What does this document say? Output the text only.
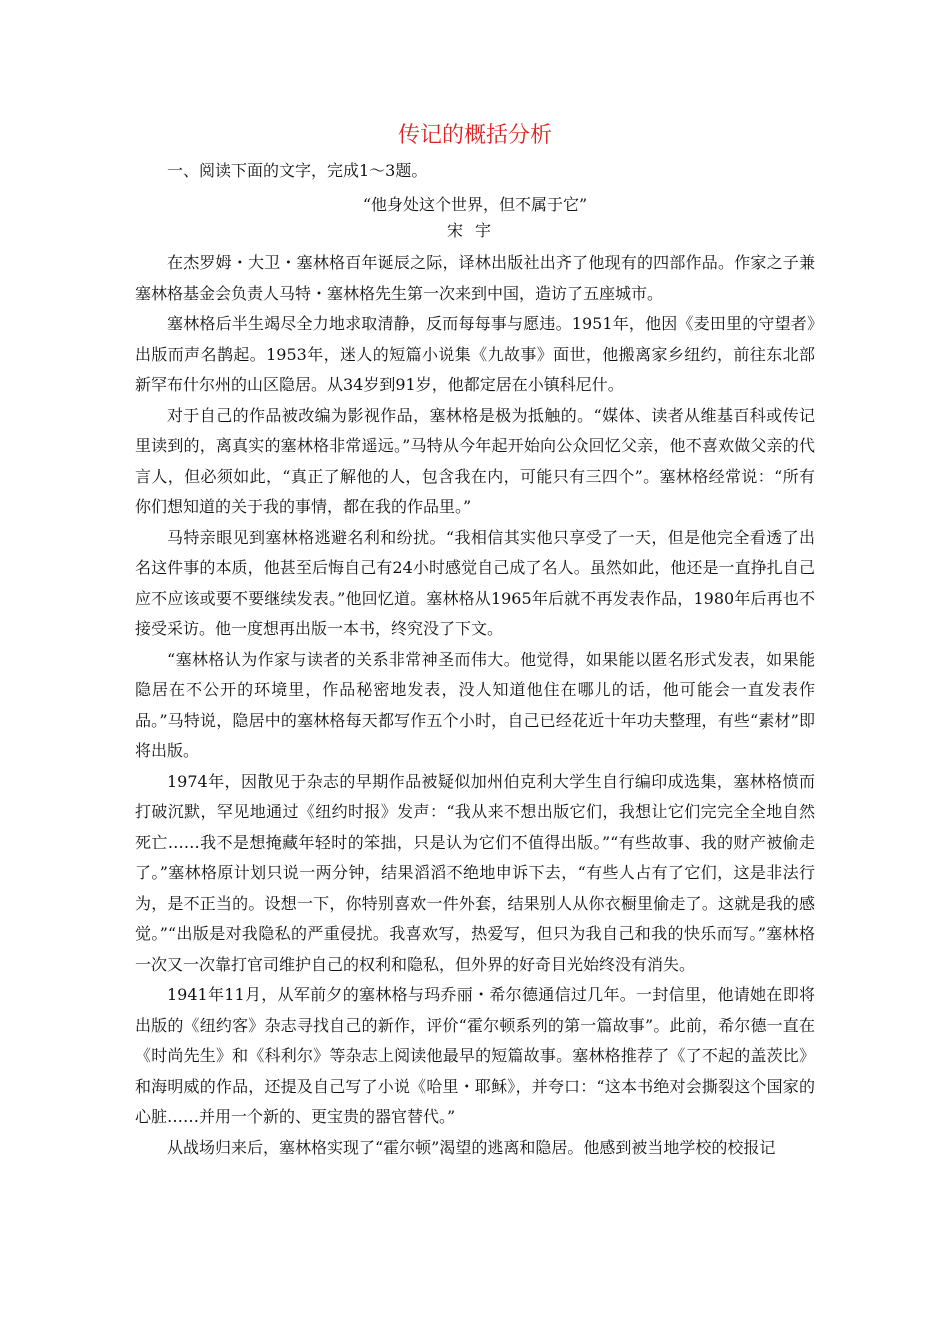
传记的概括分析

一、阅读下面的文字，完成1～3题。

“他身处这个世界，但不属于它”

宋宇

在杰罗姆・大卫・塞林格百年诞辰之际，译林出版社出齐了他现有的四部作品。作家之子兼塞林格基金会负责人马特・塞林格先生第一次来到中国，造访了五座城市。

塞林格后半生竭尽全力地求取清静，反而每每事与愿违。1951年，他因《麦田里的守望者》出版而声名鹊起。1953年，迷人的短篇小说集《九故事》面世，他搬离家乡纽约，前往东北部新罕布什尔州的山区隐居。从34岁到91岁，他都定居在小镇科尼什。

对于自己的作品被改编为影视作品，塞林格是极为抵触的。“媒体、读者从维基百科或传记里读到的，离真实的塞林格非常遥远。”马特从今年起开始向公众回忆父亲，他不喜欢做父亲的代言人，但必须如此，“真正了解他的人，包含我在内，可能只有三四个”。塞林格经常说：“所有你们想知道的关于我的事情，都在我的作品里。”

马特亲眼见到塞林格逃避名利和纷扰。“我相信其实他只享受了一天，但是他完全看透了出名这件事的本质，他甚至后悔自己有24小时感觉自己成了名人。虽然如此，他还是一直挣扎自己应不应该或要不要继续发表。”他回忆道。塞林格从1965年后就不再发表作品，1980年后再也不接受采访。他一度想再出版一本书，终究没了下文。

“塞林格认为作家与读者的关系非常神圣而伟大。他觉得，如果能以匿名形式发表，如果能隐居在不公开的环境里，作品秘密地发表，没人知道他住在哪儿的话，他可能会一直发表作品。”马特说，隐居中的塞林格每天都写作五个小时，自己已经花近十年功夫整理，有些“素材”即将出版。

1974年，因散见于杂志的早期作品被疑似加州伯克利大学生自行编印成选集，塞林格愤而打破沉默，罕见地通过《纽约时报》发声：“我从来不想出版它们，我想让它们完完全全地自然死亡……我不是想掩藏年轻时的笨拙，只是认为它们不值得出版。”“有些故事、我的财产被偷走了。”塞林格原计划只说一两分钟，结果滔滔不绝地申诉下去，“有些人占有了它们，这是非法行为，是不正当的。设想一下，你特别喜欢一件外套，结果别人从你衣橱里偷走了。这就是我的感觉。”“出版是对我隐私的严重侵扰。我喜欢写，热爱写，但只为我自己和我的快乐而写。”塞林格一次又一次靠打官司维护自己的权利和隐私，但外界的好奇目光始终没有消失。

1941年11月，从军前夕的塞林格与玛乔丽・希尔德通信过几年。一封信里，他请她在即将出版的《纽约客》杂志寻找自己的新作，评价“霍尔顿系列的第一篇故事”。此前，希尔德一直在《时尚先生》和《科利尔》等杂志上阅读他最早的短篇故事。塞林格推荐了《了不起的盖茨比》和海明威的作品，还提及自己写了小说《哈里・耶稣》，并夸口：“这本书绝对会撕裂这个国家的心脏……并用一个新的、更宝贵的器官替代。”

从战场归来后，塞林格实现了“霍尔顿”渴望的逃离和隐居。他感到被当地学校的校报记
